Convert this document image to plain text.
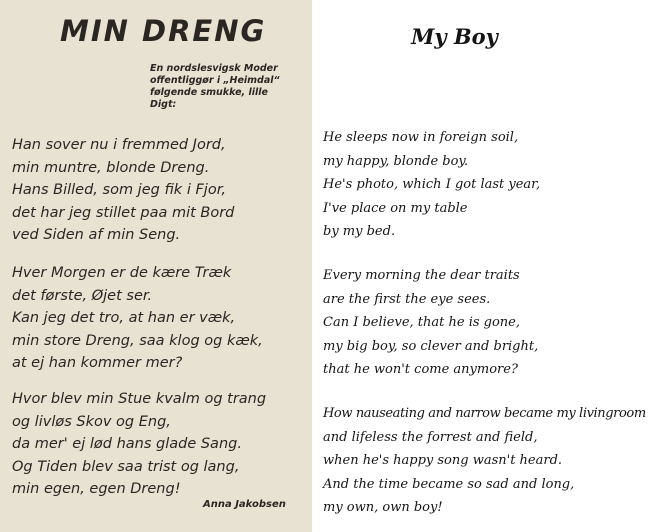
MIN DRENG
En nordslesvigsk Moder
offentliggør i „Heimdal“
følgende smukke, lille
Digt:
Han sover nu i fremmed Jord,
min muntre, blonde Dreng.
Hans Billed, som jeg fik i Fjor,
det har jeg stillet paa mit Bord
ved Siden af min Seng.
Hver Morgen er de kære Træk
det første, Øjet ser.
Kan jeg det tro, at han er væk,
min store Dreng, saa klog og kæk,
at ej han kommer mer?
Hvor blev min Stue kvalm og trang
og livløs Skov og Eng,
da mer' ej lød hans glade Sang.
Og Tiden blev saa trist og lang,
min egen, egen Dreng!
Anna Jakobsen
My Boy
He sleeps now in foreign soil,
my happy, blonde boy.
He's photo, which I got last year,
I've place on my table
by my bed.
Every morning the dear traits
are the first the eye sees.
Can I believe, that he is gone,
my big boy, so clever and bright,
that he won't come anymore?
How nauseating and narrow became my livingroom
and lifeless the forrest and field,
when he's happy song wasn't heard.
And the time became so sad and long,
my own, own boy!
